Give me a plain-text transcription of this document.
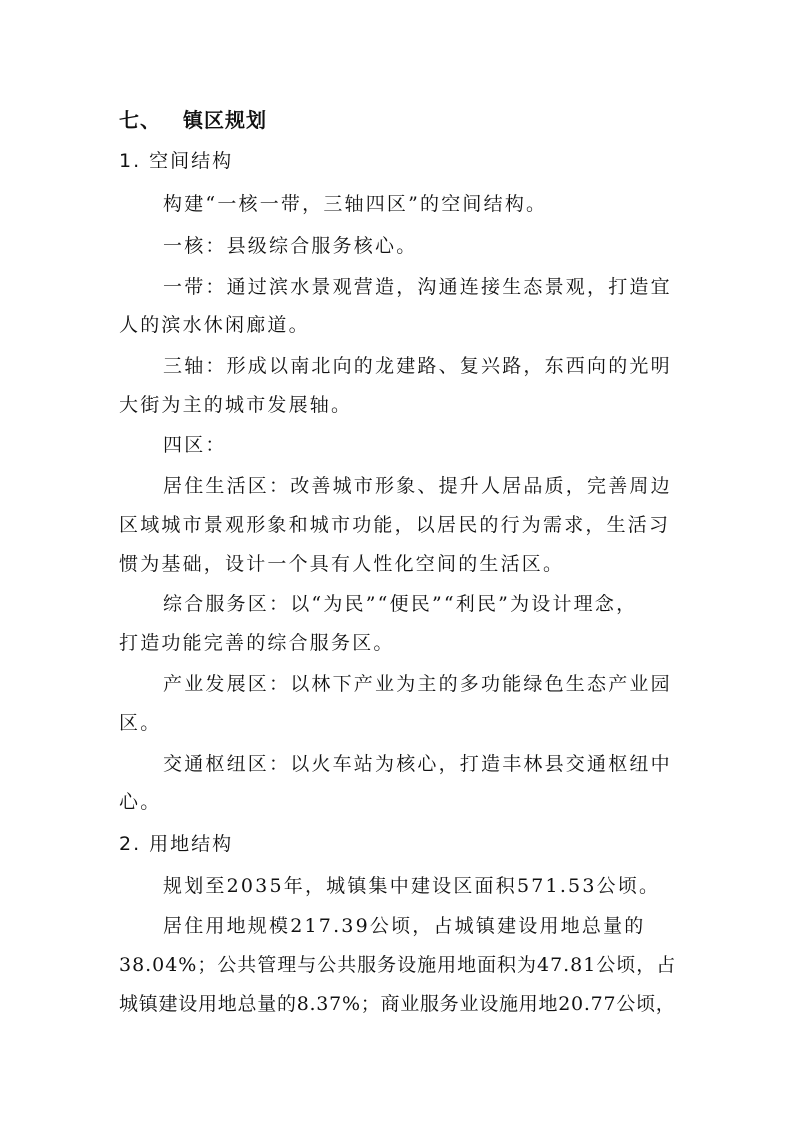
七、 镇区规划
1. 空间结构
构建“一核一带，三轴四区”的空间结构。
一核：县级综合服务核心。
一带：通过滨水景观营造，沟通连接生态景观，打造宜
人的滨水休闲廊道。
三轴：形成以南北向的龙建路、复兴路，东西向的光明
大街为主的城市发展轴。
四区：
居住生活区：改善城市形象、提升人居品质，完善周边
区域城市景观形象和城市功能，以居民的行为需求，生活习
惯为基础，设计一个具有人性化空间的生活区。
综合服务区：以“为民”“便民”“利民”为设计理念，
打造功能完善的综合服务区。
产业发展区：以林下产业为主的多功能绿色生态产业园
区。
交通枢纽区：以火车站为核心，打造丰林县交通枢纽中
心。
2. 用地结构
规划至2035年，城镇集中建设区面积571.53公顷。
居住用地规模217.39公顷，占城镇建设用地总量的
38.04%；公共管理与公共服务设施用地面积为47.81公顷，占
城镇建设用地总量的8.37%；商业服务业设施用地20.77公顷，
